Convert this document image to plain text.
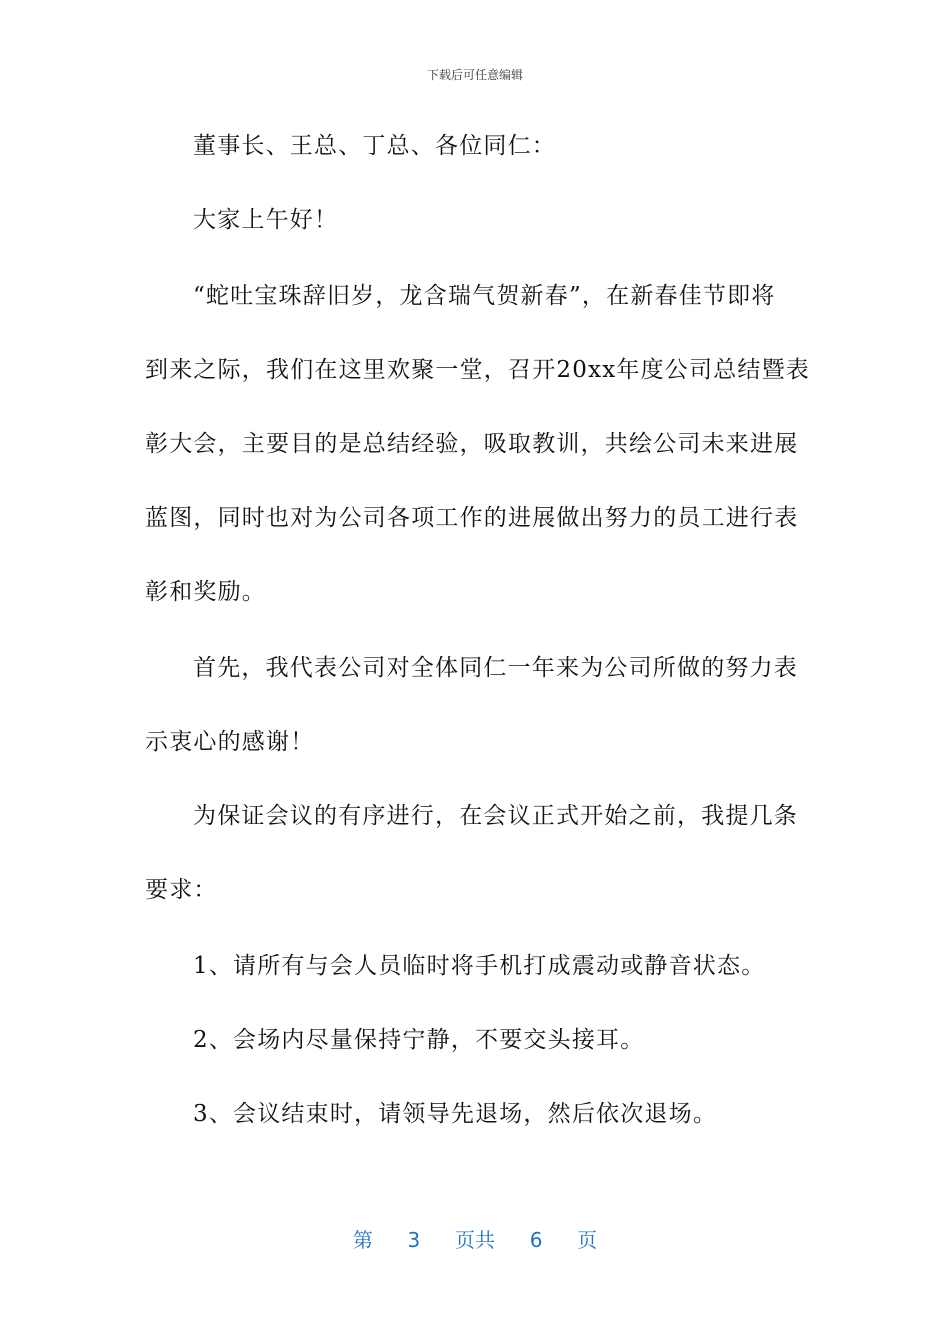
下载后可任意编辑
董事长、王总、丁总、各位同仁：
大家上午好！
“蛇吐宝珠辞旧岁，龙含瑞气贺新春”，在新春佳节即将
到来之际，我们在这里欢聚一堂，召开20xx年度公司总结暨表
彰大会，主要目的是总结经验，吸取教训，共绘公司未来进展
蓝图，同时也对为公司各项工作的进展做出努力的员工进行表
彰和奖励。
首先，我代表公司对全体同仁一年来为公司所做的努力表
示衷心的感谢！
为保证会议的有序进行，在会议正式开始之前，我提几条
要求：
1、请所有与会人员临时将手机打成震动或静音状态。
2、会场内尽量保持宁静，不要交头接耳。
3、会议结束时，请领导先退场，然后依次退场。
第 3 页共 6 页
